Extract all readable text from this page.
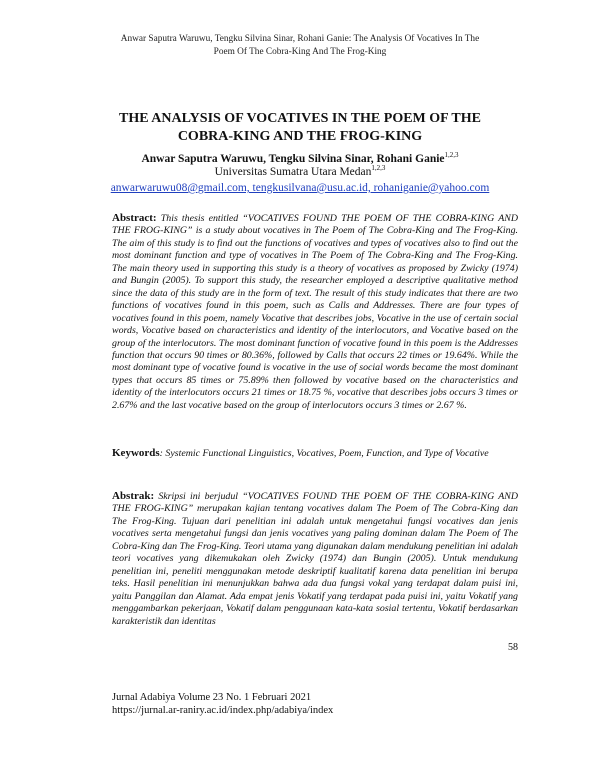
Anwar Saputra Waruwu, Tengku Silvina Sinar, Rohani Ganie: The Analysis Of Vocatives In The
Poem Of The Cobra-King And The Frog-King
THE ANALYSIS OF VOCATIVES IN THE POEM OF THE
COBRA-KING AND THE FROG-KING
Anwar Saputra Waruwu, Tengku Silvina Sinar, Rohani Ganie$^{1,2,3}$
Universitas Sumatra Utara Medan$^{1,2,3}$
anwarwaruwu08@gmail.com, tengkusilvana@usu.ac.id, rohaniganie@yahoo.com
Abstract: This thesis entitled “VOCATIVES FOUND THE POEM OF THE COBRA-KING AND THE FROG-KING” is a study about vocatives in The Poem of The Cobra-King and The Frog-King. The aim of this study is to find out the functions of vocatives and types of vocatives also to find out the most dominant function and type of vocatives in The Poem of The Cobra-King and The Frog-King. The main theory used in supporting this study is a theory of vocatives as proposed by Zwicky (1974) and Bungin (2005). To support this study, the researcher employed a descriptive qualitative method since the data of this study are in the form of text. The result of this study indicates that there are two functions of vocatives found in this poem, such as Calls and Addresses. There are four types of vocatives found in this poem, namely Vocative that describes jobs, Vocative in the use of certain social words, Vocative based on characteristics and identity of the interlocutors, and Vocative based on the group of the interlocutors. The most dominant function of vocative found in this poem is the Addresses function that occurs 90 times or 80.36%, followed by Calls that occurs 22 times or 19.64%. While the most dominant type of vocative found is vocative in the use of social words became the most dominant types that occurs 85 times or 75.89% then followed by vocative based on the characteristics and identity of the interlocutors occurs 21 times or 18.75 %, vocative that describes jobs occurs 3 times or 2.67% and the last vocative based on the group of interlocutors occurs 3 times or 2.67 %.
Keywords: Systemic Functional Linguistics, Vocatives, Poem, Function, and Type of Vocative
Abstrak: Skripsi ini berjudul “VOCATIVES FOUND THE POEM OF THE COBRA-KING AND THE FROG-KING” merupakan kajian tentang vocatives dalam The Poem of The Cobra-King dan The Frog-King. Tujuan dari penelitian ini adalah untuk mengetahui fungsi vocatives dan jenis vocatives serta mengetahui fungsi dan jenis vocatives yang paling dominan dalam The Poem of The Cobra-King dan The Frog-King. Teori utama yang digunakan dalam mendukung penelitian ini adalah teori vocatives yang dikemukakan oleh Zwicky (1974) dan Bungin (2005). Untuk mendukung penelitian ini, peneliti menggunakan metode deskriptif kualitatif karena data penelitian ini berupa teks. Hasil penelitian ini menunjukkan bahwa ada dua fungsi vokal yang terdapat dalam puisi ini, yaitu Panggilan dan Alamat. Ada empat jenis Vokatif yang terdapat pada puisi ini, yaitu Vokatif yang menggambarkan pekerjaan, Vokatif dalam penggunaan kata-kata sosial tertentu, Vokatif berdasarkan karakteristik dan identitas
58
Jurnal Adabiya Volume 23 No. 1 Februari 2021
https://jurnal.ar-raniry.ac.id/index.php/adabiya/index
